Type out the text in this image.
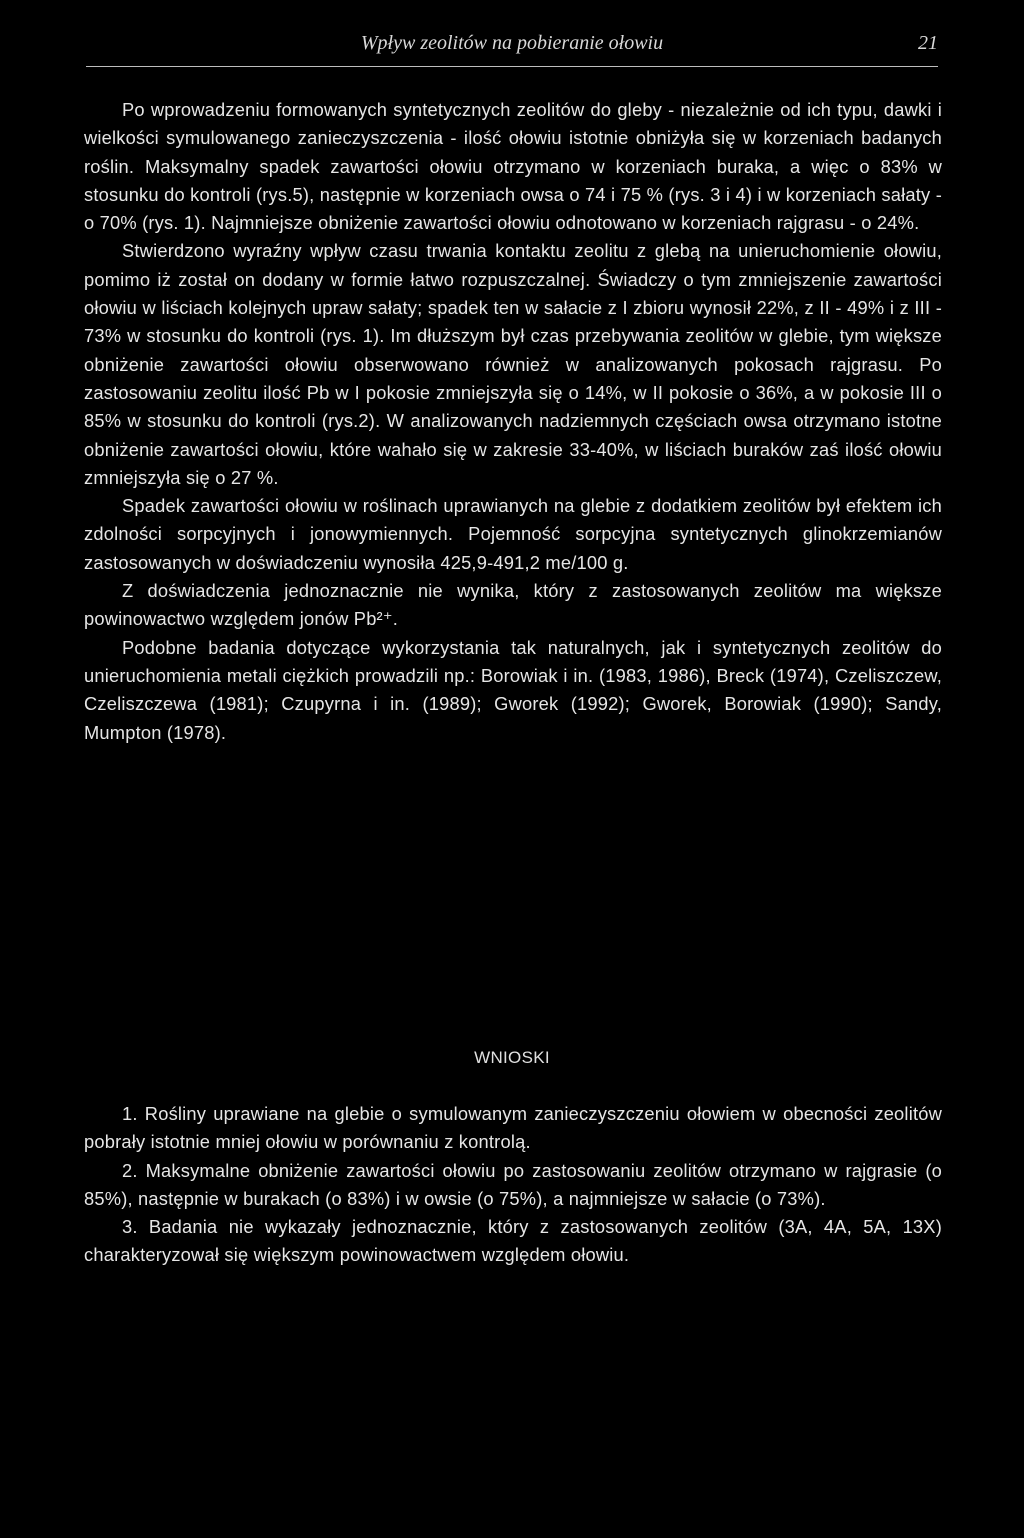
Wpływ zeolitów na pobieranie ołowiu	21

Po wprowadzeniu formowanych syntetycznych zeolitów do gleby - niezależnie od ich typu, dawki i wielkości symulowanego zanieczyszczenia - ilość ołowiu istotnie obniżyła się w korzeniach badanych roślin. Maksymalny spadek zawartości ołowiu otrzymano w korzeniach buraka, a więc o 83% w stosunku do kontroli (rys.5), następnie w korzeniach owsa o 74 i 75 % (rys. 3 i 4) i w korzeniach sałaty - o 70% (rys. 1). Najmniejsze obniżenie zawartości ołowiu odnotowano w korzeniach rajgrasu - o 24%.

Stwierdzono wyraźny wpływ czasu trwania kontaktu zeolitu z glebą na unieruchomienie ołowiu, pomimo iż został on dodany w formie łatwo rozpuszczalnej. Świadczy o tym zmniejszenie zawartości ołowiu w liściach kolejnych upraw sałaty; spadek ten w sałacie z I zbioru wynosił 22%, z II - 49% i z III - 73% w stosunku do kontroli (rys. 1). Im dłuższym był czas przebywania zeolitów w glebie, tym większe obniżenie zawartości ołowiu obserwowano również w analizowanych pokosach rajgrasu. Po zastosowaniu zeolitu ilość Pb w I pokosie zmniejszyła się o 14%, w II pokosie o 36%, a w pokosie III o 85% w stosunku do kontroli (rys.2). W analizowanych nadziemnych częściach owsa otrzymano istotne obniżenie zawartości ołowiu, które wahało się w zakresie 33-40%, w liściach buraków zaś ilość ołowiu zmniejszyła się o 27 %.

Spadek zawartości ołowiu w roślinach uprawianych na glebie z dodatkiem zeolitów był efektem ich zdolności sorpcyjnych i jonowymiennych. Pojemność sorpcyjna syntetycznych glinokrzemianów zastosowanych w doświadczeniu wynosiła 425,9-491,2 me/100 g.

Z doświadczenia jednoznacznie nie wynika, który z zastosowanych zeolitów ma większe powinowactwo względem jonów Pb²⁺.

Podobne badania dotyczące wykorzystania tak naturalnych, jak i syntetycznych zeolitów do unieruchomienia metali ciężkich prowadzili np.: Borowiak i in. (1983, 1986), Breck (1974), Czeliszczew, Czeliszczewa (1981); Czupyrna i in. (1989); Gworek (1992); Gworek, Borowiak (1990); Sandy, Mumpton (1978).

WNIOSKI

1. Rośliny uprawiane na glebie o symulowanym zanieczyszczeniu ołowiem w obecności zeolitów pobrały istotnie mniej ołowiu w porównaniu z kontrolą.

2. Maksymalne obniżenie zawartości ołowiu po zastosowaniu zeolitów otrzymano w rajgrasie (o 85%), następnie w burakach (o 83%) i w owsie (o 75%), a najmniejsze w sałacie (o 73%).

3. Badania nie wykazały jednoznacznie, który z zastosowanych zeolitów (3A, 4A, 5A, 13X) charakteryzował się większym powinowactwem względem ołowiu.
